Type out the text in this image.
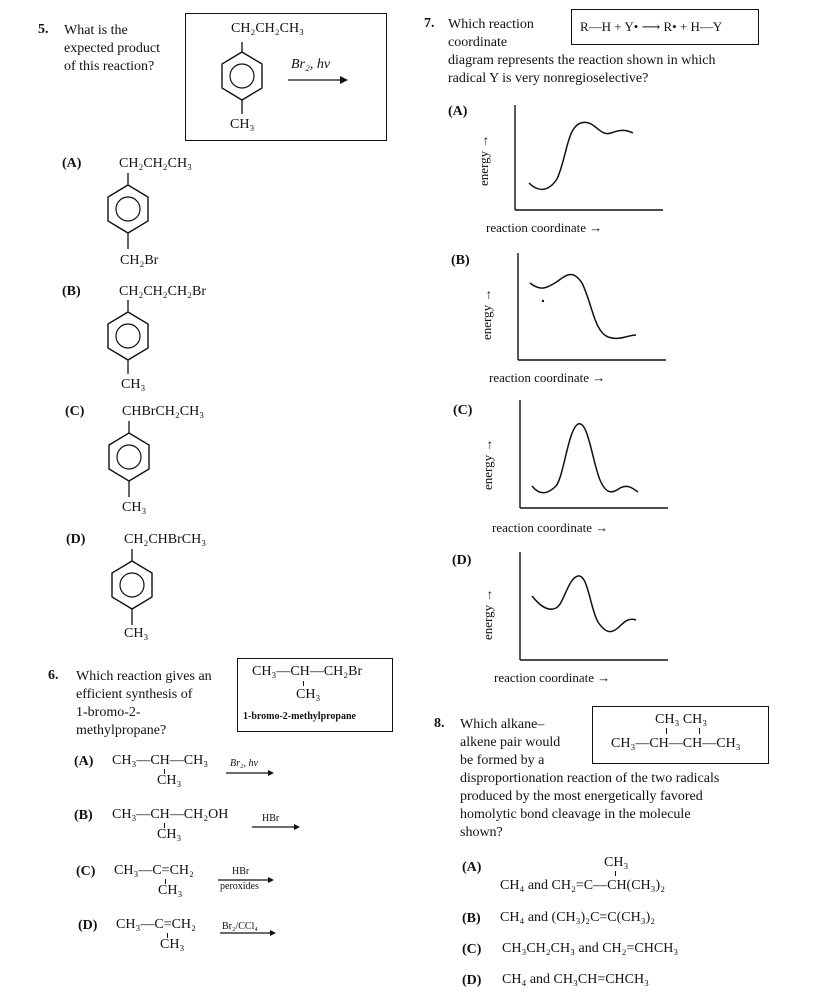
5. What is the
expected product
of this reaction?
CH₂CH₂CH₃
CH₃
Br₂, hν
(A)	CH₂CH₂CH₃
CH₂Br
(B)	CH₂CH₂CH₂Br
CH₃
(C)	CHBrCH₂CH₃
CH₃
(D)	CH₂CHBrCH₃
CH₃
6. Which reaction gives an
efficient synthesis of
1-bromo-2-
methylpropane?
CH₃—CH—CH₂Br
CH₃
1-bromo-2-methylpropane
(A) CH₃—CH—CH₃
CH₃
Br₂, hν
(B) CH₃—CH—CH₂OH
CH₃
HBr
(C) CH₃—C=CH₂
CH₃
HBr
peroxides
(D) CH₃—C=CH₂
CH₃
Br₂/CCl₄
7. Which reaction
coordinate
diagram represents the reaction shown in which
radical Y is very nonregioselective?
R—H + Y• ⟶ R• + H—Y
(A)
energy →
reaction coordinate →
(B)
energy →
reaction coordinate →
(C)
energy →
reaction coordinate →
(D)
energy →
reaction coordinate →
8. Which alkane–
alkene pair would
be formed by a
disproportionation reaction of the two radicals
produced by the most energetically favored
homolytic bond cleavage in the molecule
shown?
CH₃ CH₃
CH₃—CH—CH—CH₃
(A)	CH₃
CH₄ and CH₂=C—CH(CH₃)₂
(B) CH₄ and (CH₃)₂C=C(CH₃)₂
(C) CH₃CH₂CH₃ and CH₂=CHCH₃
(D) CH₄ and CH₃CH=CHCH₃
